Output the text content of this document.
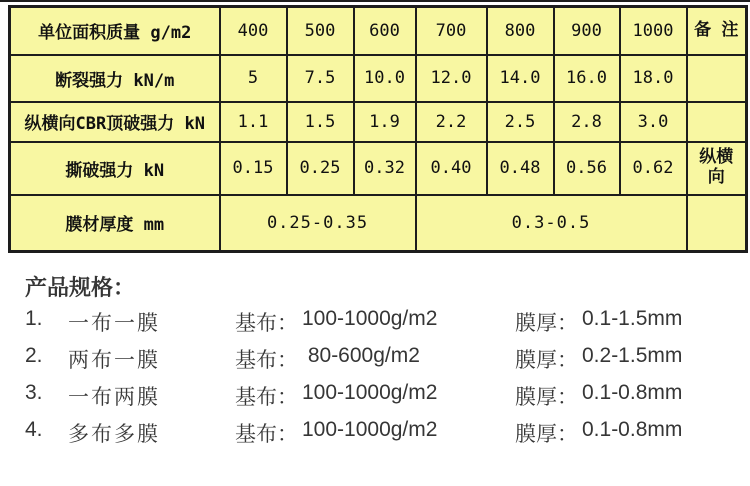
单位面积质量 g/m2	400	500	600	700	800	900	1000	备 注
断裂强力 kN/m	5	7.5	10.0	12.0	14.0	16.0	18.0	
纵横向CBR顶破强力 kN	1.1	1.5	1.9	2.2	2.5	2.8	3.0	
撕破强力 kN	0.15	0.25	0.32	0.40	0.48	0.56	0.62	纵横向
膜材厚度 mm	0.25-0.35			0.3-0.5				
产品规格：
1. 一布一膜	基布： 100-1000g/m2	膜厚： 0.1-1.5mm
2. 两布一膜	基布： 80-600g/m2	膜厚： 0.2-1.5mm
3. 一布两膜	基布： 100-1000g/m2	膜厚： 0.1-0.8mm
4. 多布多膜	基布： 100-1000g/m2	膜厚： 0.1-0.8mm
